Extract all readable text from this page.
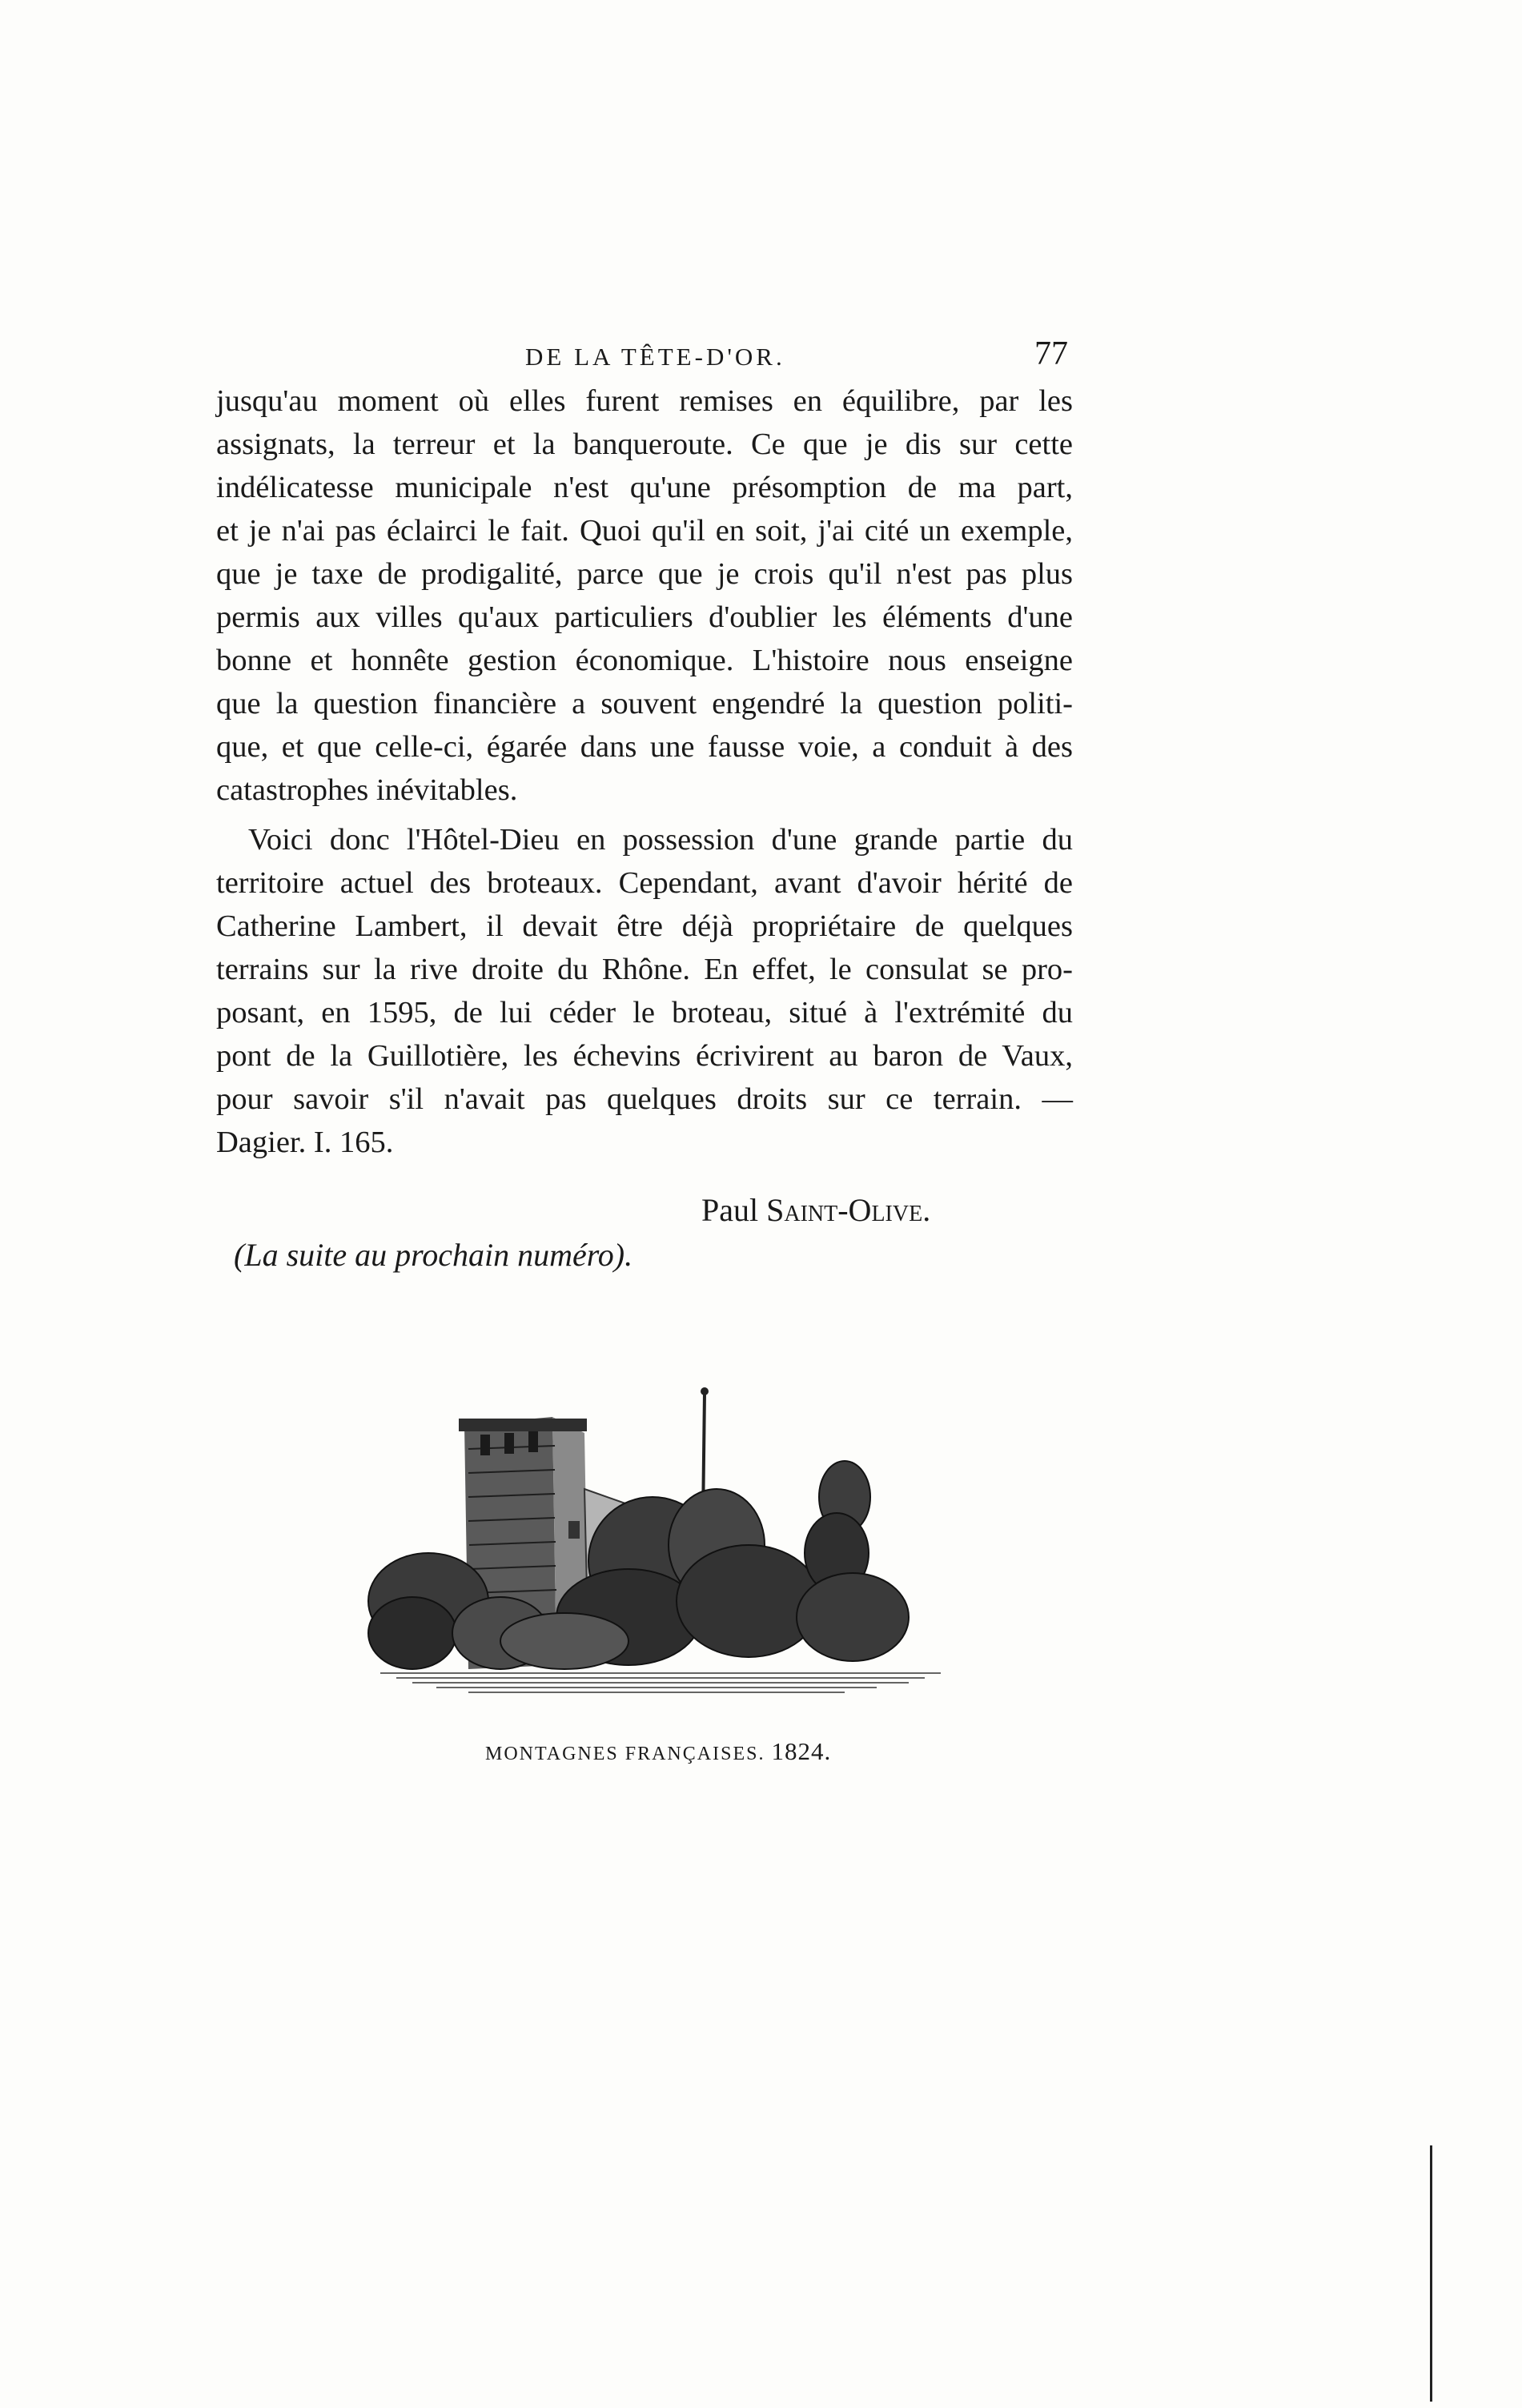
DE LA TÊTE-D'OR.	77
jusqu'au moment où elles furent remises en équilibre, par les
assignats, la terreur et la banqueroute. Ce que je dis sur cette
indélicatesse municipale n'est qu'une présomption de ma part,
et je n'ai pas éclairci le fait. Quoi qu'il en soit, j'ai cité un exemple,
que je taxe de prodigalité, parce que je crois qu'il n'est pas plus
permis aux villes qu'aux particuliers d'oublier les éléments d'une
bonne et honnête gestion économique. L'histoire nous enseigne
que la question financière a souvent engendré la question politi-
que, et que celle-ci, égarée dans une fausse voie, a conduit à des
catastrophes inévitables.
Voici donc l'Hôtel-Dieu en possession d'une grande partie du
territoire actuel des broteaux. Cependant, avant d'avoir hérité de
Catherine Lambert, il devait être déjà propriétaire de quelques
terrains sur la rive droite du Rhône. En effet, le consulat se pro-
posant, en 1595, de lui céder le broteau, situé à l'extrémité du
pont de la Guillotière, les échevins écrivirent au baron de Vaux,
pour savoir s'il n'avait pas quelques droits sur ce terrain. —
Dagier. I. 165.
Paul Saint-Olive.
(La suite au prochain numéro).
MONTAGNES FRANÇAISES. 1824.
